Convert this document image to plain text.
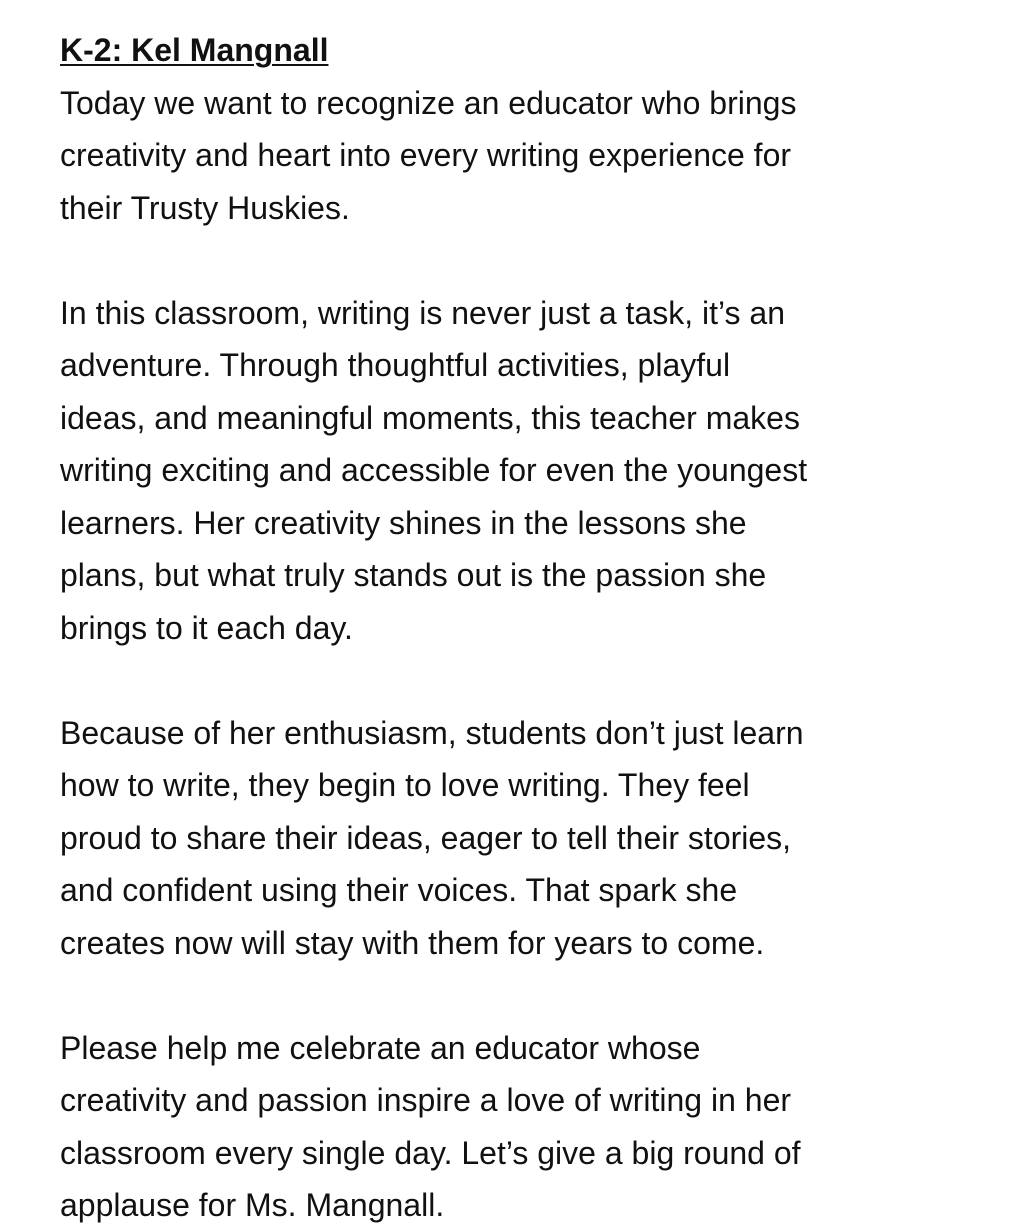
K-2: Kel Mangnall

Today we want to recognize an educator who brings
creativity and heart into every writing experience for
their Trusty Huskies.

In this classroom, writing is never just a task, it’s an
adventure. Through thoughtful activities, playful
ideas, and meaningful moments, this teacher makes
writing exciting and accessible for even the youngest
learners. Her creativity shines in the lessons she
plans, but what truly stands out is the passion she
brings to it each day.

Because of her enthusiasm, students don’t just learn
how to write, they begin to love writing. They feel
proud to share their ideas, eager to tell their stories,
and confident using their voices. That spark she
creates now will stay with them for years to come.

Please help me celebrate an educator whose
creativity and passion inspire a love of writing in her
classroom every single day. Let’s give a big round of
applause for Ms. Mangnall.
